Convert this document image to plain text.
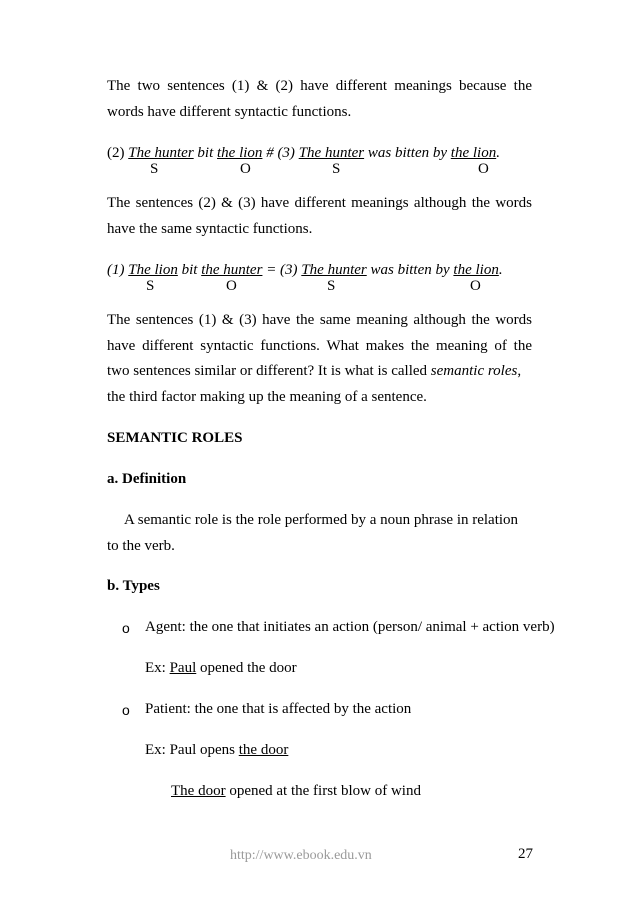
The two sentences (1) & (2) have different meanings because the
words have different syntactic functions.
(2) The hunter bit the lion # (3) The hunter was bitten by the lion.
S	O	S	O
The sentences (2) & (3) have different meanings although the words
have the same syntactic functions.
(1) The lion bit the hunter = (3) The hunter was bitten by the lion.
S	O	S	O
The sentences (1) & (3) have the same meaning although the words
have different syntactic functions. What makes the meaning of the
two sentences similar or different? It is what is called semantic roles,
the third factor making up the meaning of a sentence.
SEMANTIC ROLES
a. Definition
A semantic role is the role performed by a noun phrase in relation
to the verb.
b. Types
o Agent: the one that initiates an action (person/ animal + action verb)
Ex: Paul opened the door
o Patient: the one that is affected by the action
Ex: Paul opens the door
The door opened at the first blow of wind
http://www.ebook.edu.vn	27
